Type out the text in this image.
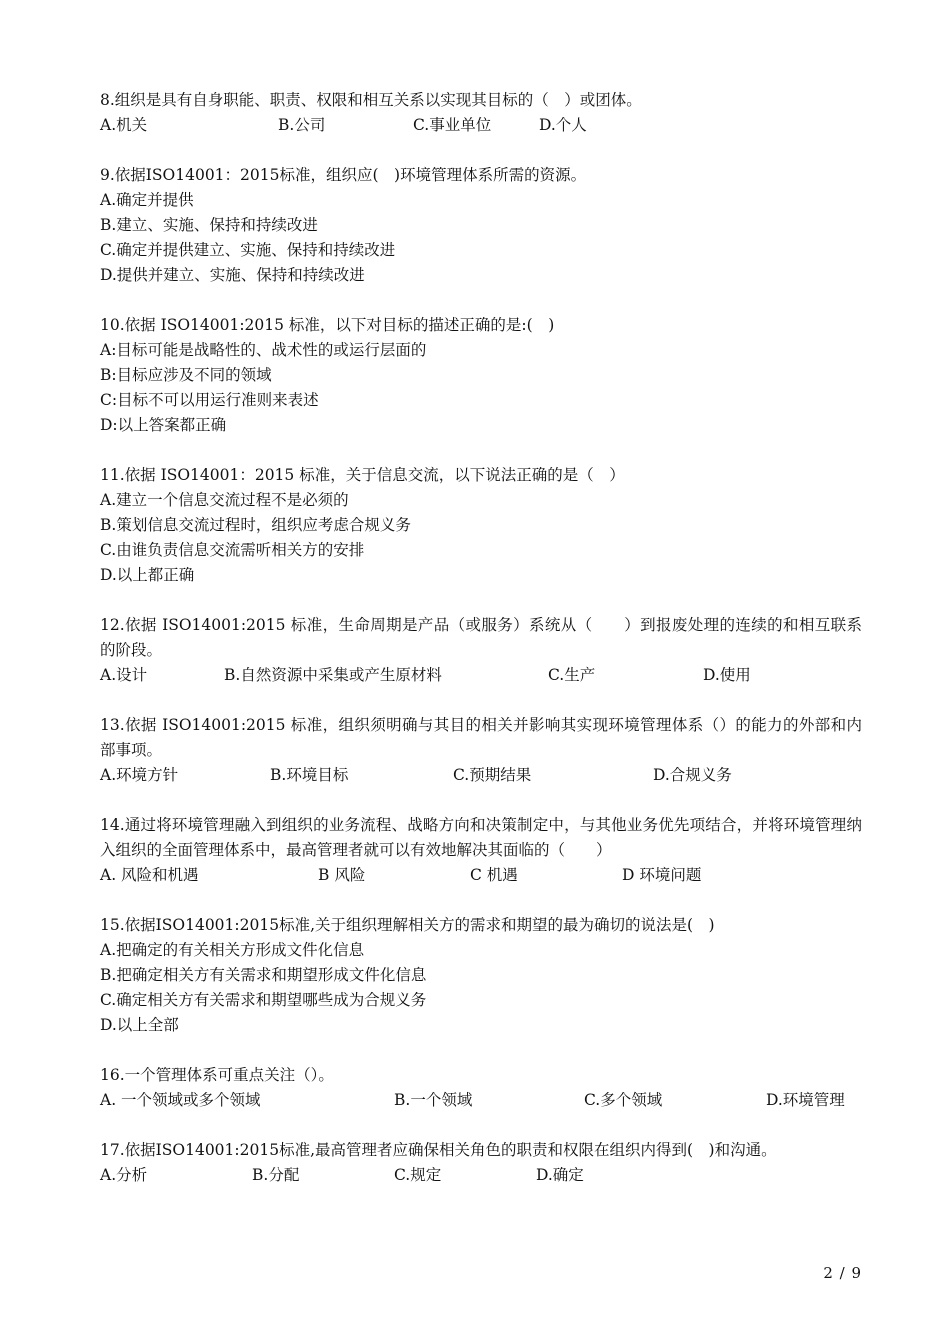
8.组织是具有自身职能、职责、权限和相互关系以实现其目标的（　）或团体。
A.机关	B.公司	C.事业单位	D.个人
9.依据ISO14001：2015标准，组织应(　)环境管理体系所需的资源。
A.确定并提供
B.建立、实施、保持和持续改进
C.确定并提供建立、实施、保持和持续改进
D.提供并建立、实施、保持和持续改进
10.依据 ISO14001:2015 标准，以下对目标的描述正确的是:(　)
A:目标可能是战略性的、战术性的或运行层面的
B:目标应涉及不同的领域
C:目标不可以用运行准则来表述
D:以上答案都正确
11.依据 ISO14001：2015 标准，关于信息交流，以下说法正确的是（　）
A.建立一个信息交流过程不是必须的
B.策划信息交流过程时，组织应考虑合规义务
C.由谁负责信息交流需听相关方的安排
D.以上都正确
12.依据 ISO14001:2015 标准，生命周期是产品（或服务）系统从（　　）到报废处理的连续的和相互联系的阶段。
A.设计	B.自然资源中采集或产生原材料	C.生产	D.使用
13.依据 ISO14001:2015 标准，组织须明确与其目的相关并影响其实现环境管理体系（）的能力的外部和内部事项。
A.环境方针	B.环境目标	C.预期结果	D.合规义务
14.通过将环境管理融入到组织的业务流程、战略方向和决策制定中，与其他业务优先项结合，并将环境管理纳入组织的全面管理体系中，最高管理者就可以有效地解决其面临的（　　）
A. 风险和机遇	B 风险	C 机遇	D 环境问题
15.依据ISO14001:2015标准,关于组织理解相关方的需求和期望的最为确切的说法是(　)
A.把确定的有关相关方形成文件化信息
B.把确定相关方有关需求和期望形成文件化信息
C.确定相关方有关需求和期望哪些成为合规义务
D.以上全部
16.一个管理体系可重点关注（）。
A. 一个领域或多个领域	B.一个领域	C.多个领域	D.环境管理
17.依据ISO14001:2015标准,最高管理者应确保相关角色的职责和权限在组织内得到(　)和沟通。
A.分析	B.分配	C.规定	D.确定
2 / 9
